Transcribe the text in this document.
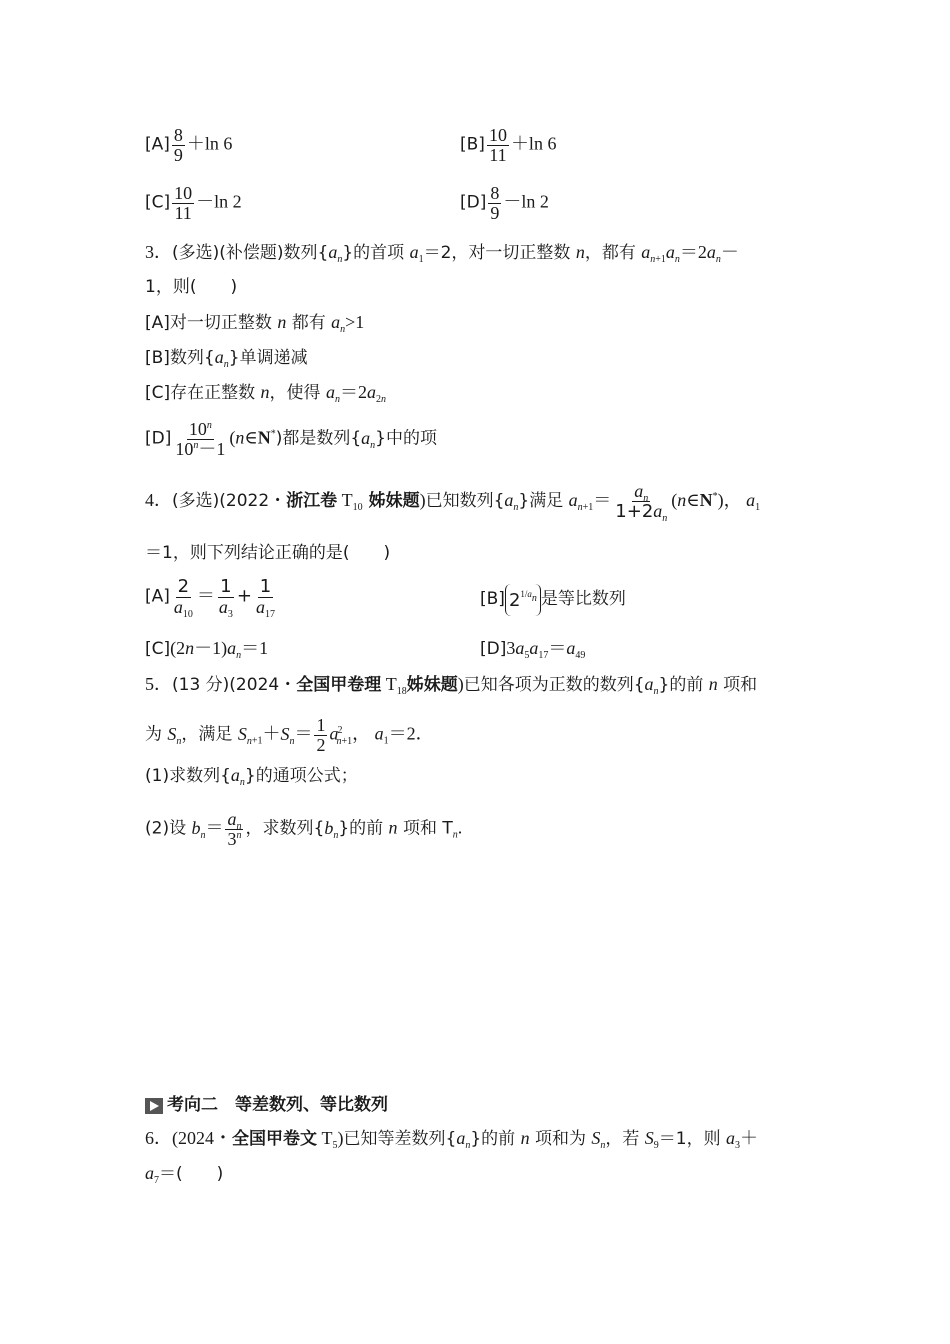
$[A] \frac{8}{9} +\ln$ 6	$[B] \frac{10}{11} +\ln$ 6
$[C] \frac{10}{11} -\ln$ 2	$[D] \frac{8}{9} -\ln$ 2
3．(多选)(补偿题)数列$\{a_n\}$的首项 $a_1=2$，对一切正整数 n，都有 $a_{n+1}a_n=2a_n-$
1，则(　　)
[A]对一切正整数 n 都有 $a_n>1$
[B]数列$\{a_n\}$单调递减
[C]存在正整数 n，使得 $a_n=2a_{2n}$
$[D] \frac{10^n}{10^n-1}$ (n∈N*)都是数列$\{a_n\}$中的项
4．(多选)(2022・浙江卷 $T_{10}$ 姊妹题)已知数列$\{a_n\}$满足 $a_{n+1}= \frac{a_n}{1+2a_n}$ (n∈N*)， $a_1$
＝1，则下列结论正确的是(　　)
$[A] \frac{2}{a_{10}} = \frac{1}{a_3} + \frac{1}{a_{17}}$	[B] $2^{1/a_n}$ 是等比数列
$[C](2n-1)a_n=1$	$[D]3a_5a_{17}=a_{49}$
5．(13 分)(2024・全国甲卷理 $T_{18}$姊妹题)已知各项为正数的数列$\{a_n\}$的前 n 项和
为 $S_n$，满足 $S_{n+1}+S_n= \frac{1}{2} a^2_{n+1}$， $a_1=2$．
(1)求数列$\{a_n\}$的通项公式；
(2)设 $b_n= \frac{a_n}{3^n}$ ，求数列$\{b_n\}$的前 n 项和 $T_n$.
考向二　等差数列、等比数列
6．(2024・全国甲卷文 $T_5$)已知等差数列$\{a_n\}$的前 n 项和为 $S_n$，若 $S_9=1$，则 $a_3+$
$a_7=$(　　)
